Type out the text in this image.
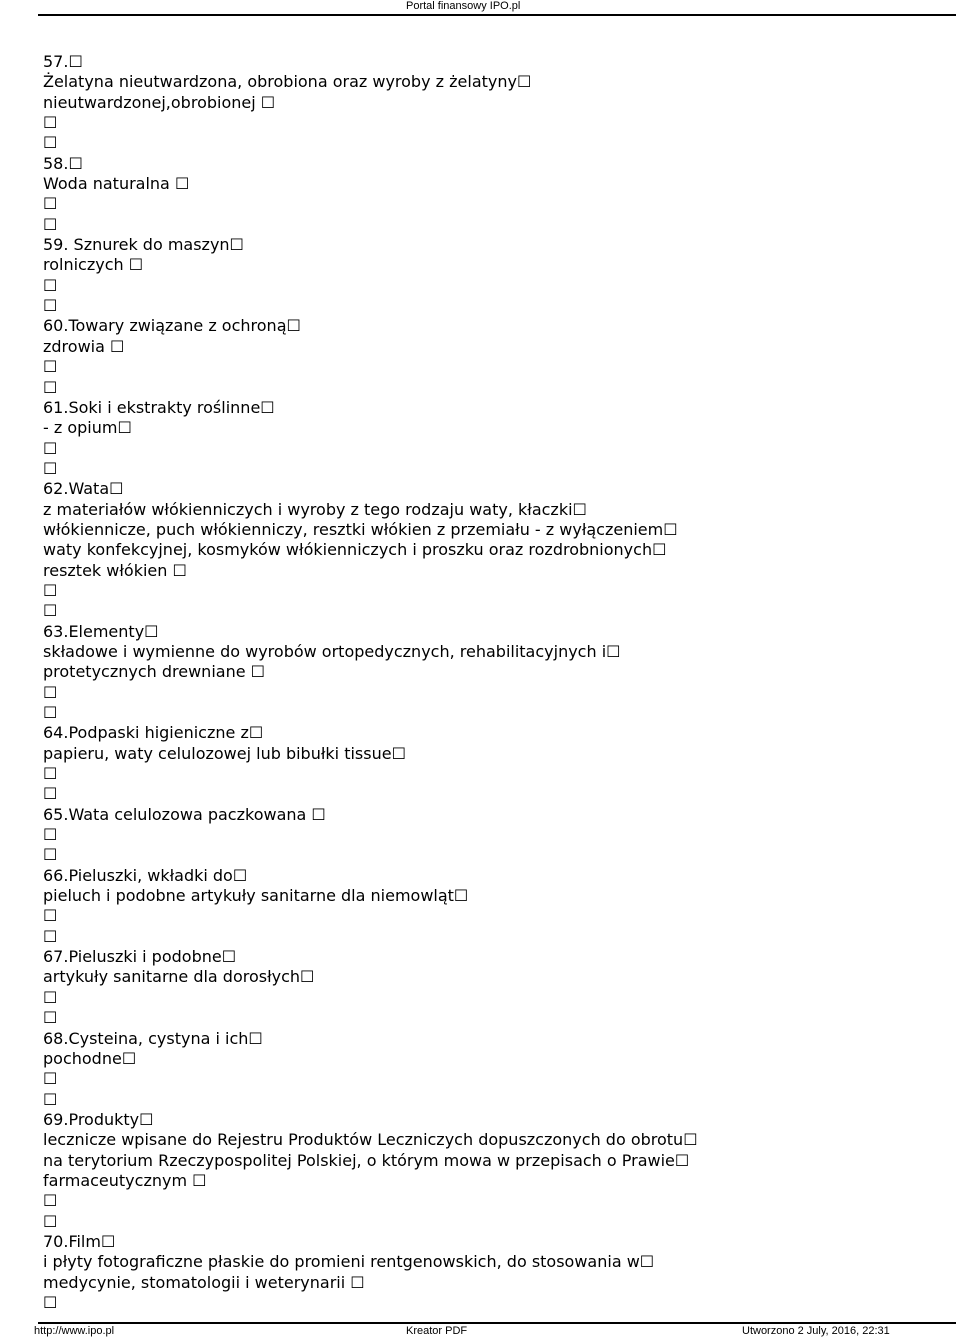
Portal finansowy IPO.pl
57.☐
Żelatyna nieutwardzona, obrobiona oraz wyroby z żelatyny☐
nieutwardzonej,obrobionej ☐
☐
☐
58.☐
Woda naturalna ☐
☐
☐
59. Sznurek do maszyn☐
rolniczych ☐
☐
☐
60.Towary związane z ochroną☐
zdrowia ☐
☐
☐
61.Soki i ekstrakty roślinne☐
- z opium☐
☐
☐
62.Wata☐
z materiałów włókienniczych i wyroby z tego rodzaju waty, kłaczki☐
włókiennicze, puch włókienniczy, resztki włókien z przemiału - z wyłączeniem☐
waty konfekcyjnej, kosmyków włókienniczych i proszku oraz rozdrobnionych☐
resztek włókien ☐
☐
☐
63.Elementy☐
składowe i wymienne do wyrobów ortopedycznych, rehabilitacyjnych i☐
protetycznych drewniane ☐
☐
☐
64.Podpaski higieniczne z☐
papieru, waty celulozowej lub bibułki tissue☐
☐
☐
65.Wata celulozowa paczkowana ☐
☐
☐
66.Pieluszki, wkładki do☐
pieluch i podobne artykuły sanitarne dla niemowląt☐
☐
☐
67.Pieluszki i podobne☐
artykuły sanitarne dla dorosłych☐
☐
☐
68.Cysteina, cystyna i ich☐
pochodne☐
☐
☐
69.Produkty☐
lecznicze wpisane do Rejestru Produktów Leczniczych dopuszczonych do obrotu☐
na terytorium Rzeczypospolitej Polskiej, o którym mowa w przepisach o Prawie☐
farmaceutycznym ☐
☐
☐
70.Film☐
i płyty fotograficzne płaskie do promieni rentgenowskich, do stosowania w☐
medycynie, stomatologii i weterynarii ☐
☐
http://www.ipo.pl	Kreator PDF	Utworzono 2 July, 2016, 22:31
